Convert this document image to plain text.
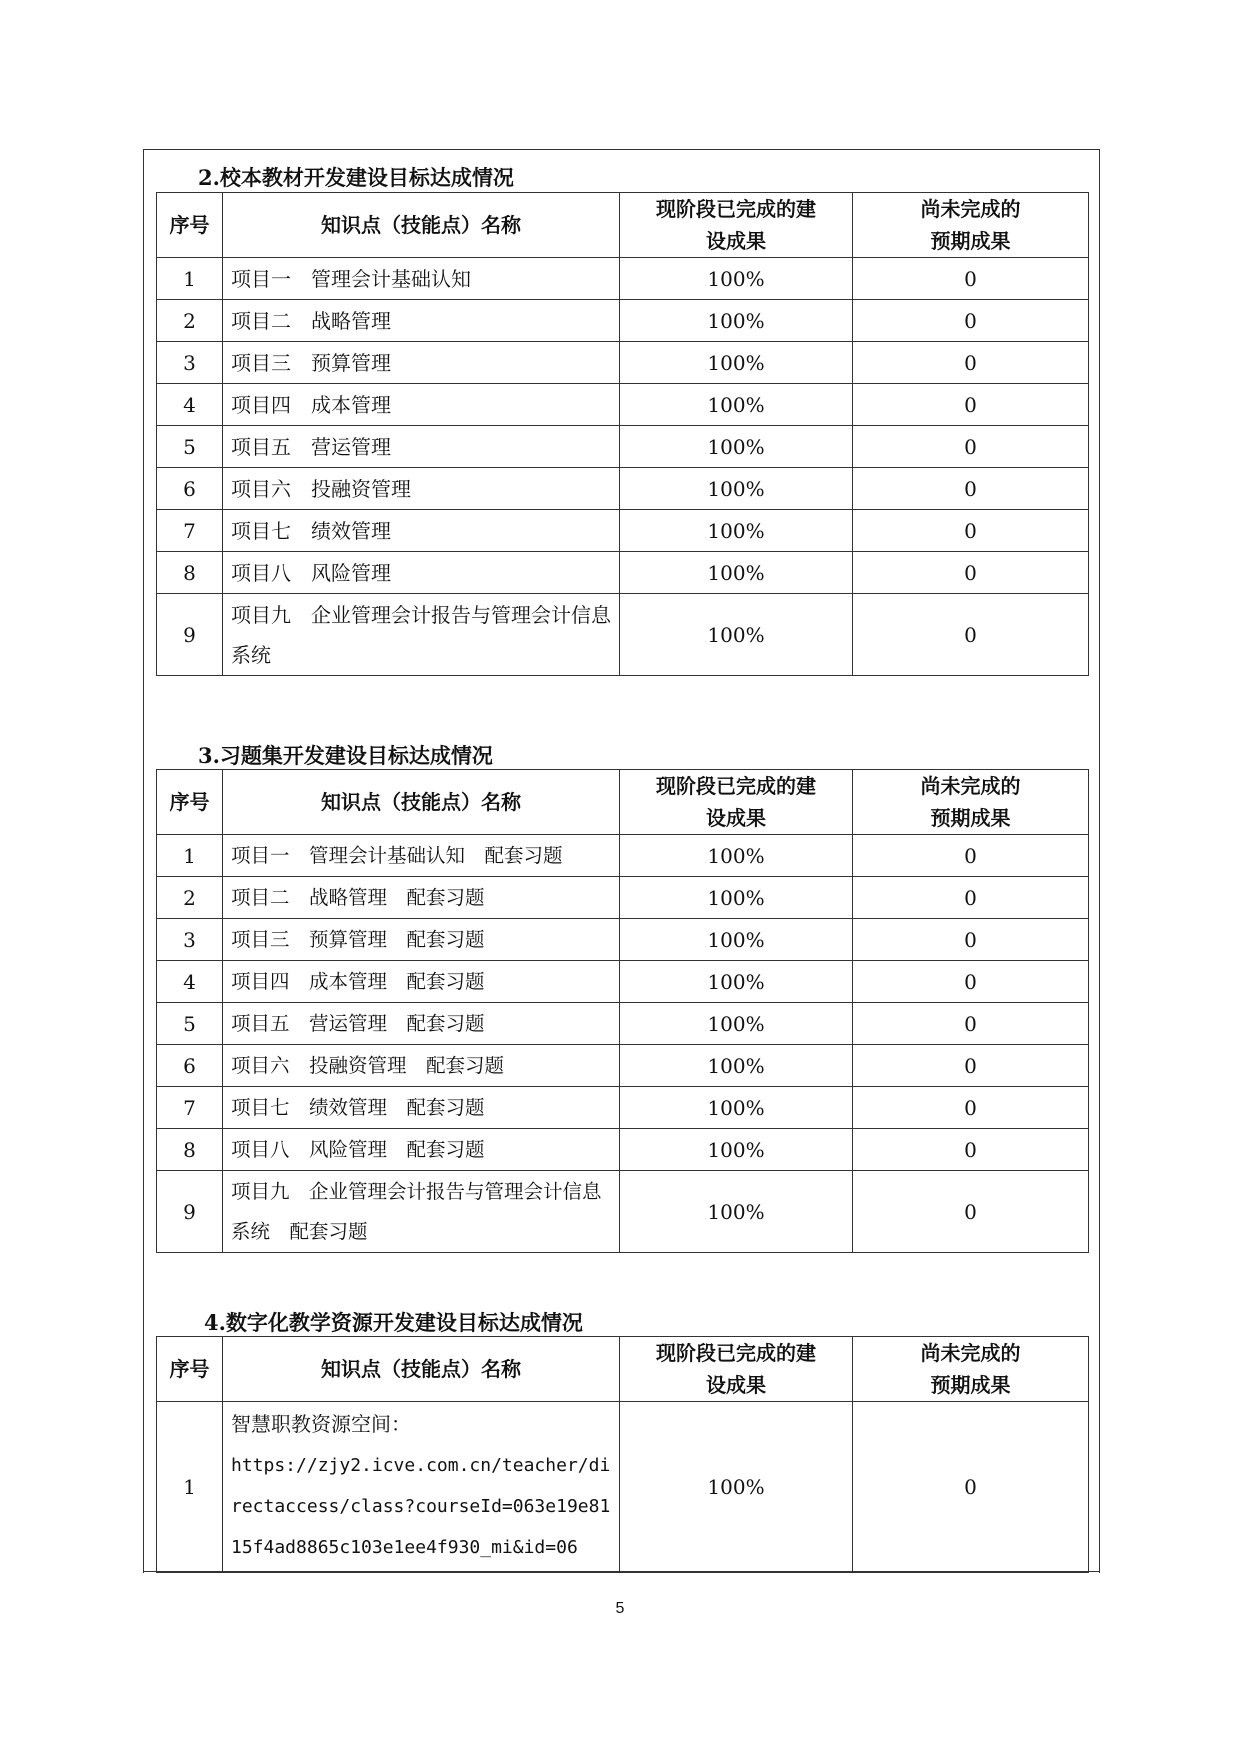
2.校本教材开发建设目标达成情况
序号	知识点（技能点）名称	现阶段已完成的建
设成果	尚未完成的
预期成果
1	项目一　管理会计基础认知	100%	0
2	项目二　战略管理	100%	0
3	项目三　预算管理	100%	0
4	项目四　成本管理	100%	0
5	项目五　营运管理	100%	0
6	项目六　投融资管理	100%	0
7	项目七　绩效管理	100%	0
8	项目八　风险管理	100%	0
9	项目九　企业管理会计报告与管理会计信息系统	100%	0
3.习题集开发建设目标达成情况
序号	知识点（技能点）名称	现阶段已完成的建
设成果	尚未完成的
预期成果
1	项目一　管理会计基础认知　配套习题	100%	0
2	项目二　战略管理　配套习题	100%	0
3	项目三　预算管理　配套习题	100%	0
4	项目四　成本管理　配套习题	100%	0
5	项目五　营运管理　配套习题	100%	0
6	项目六　投融资管理　配套习题	100%	0
7	项目七　绩效管理　配套习题	100%	0
8	项目八　风险管理　配套习题	100%	0
9	项目九　企业管理会计报告与管理会计信息系统　配套习题	100%	0
4.数字化教学资源开发建设目标达成情况
序号	知识点（技能点）名称	现阶段已完成的建
设成果	尚未完成的
预期成果
1	智慧职教资源空间：
https://zjy2.icve.com.cn/teacher/directaccess/class?courseId=063e19e8115f4ad8865c103e1ee4f930_mi&id=06	100%	0
5
